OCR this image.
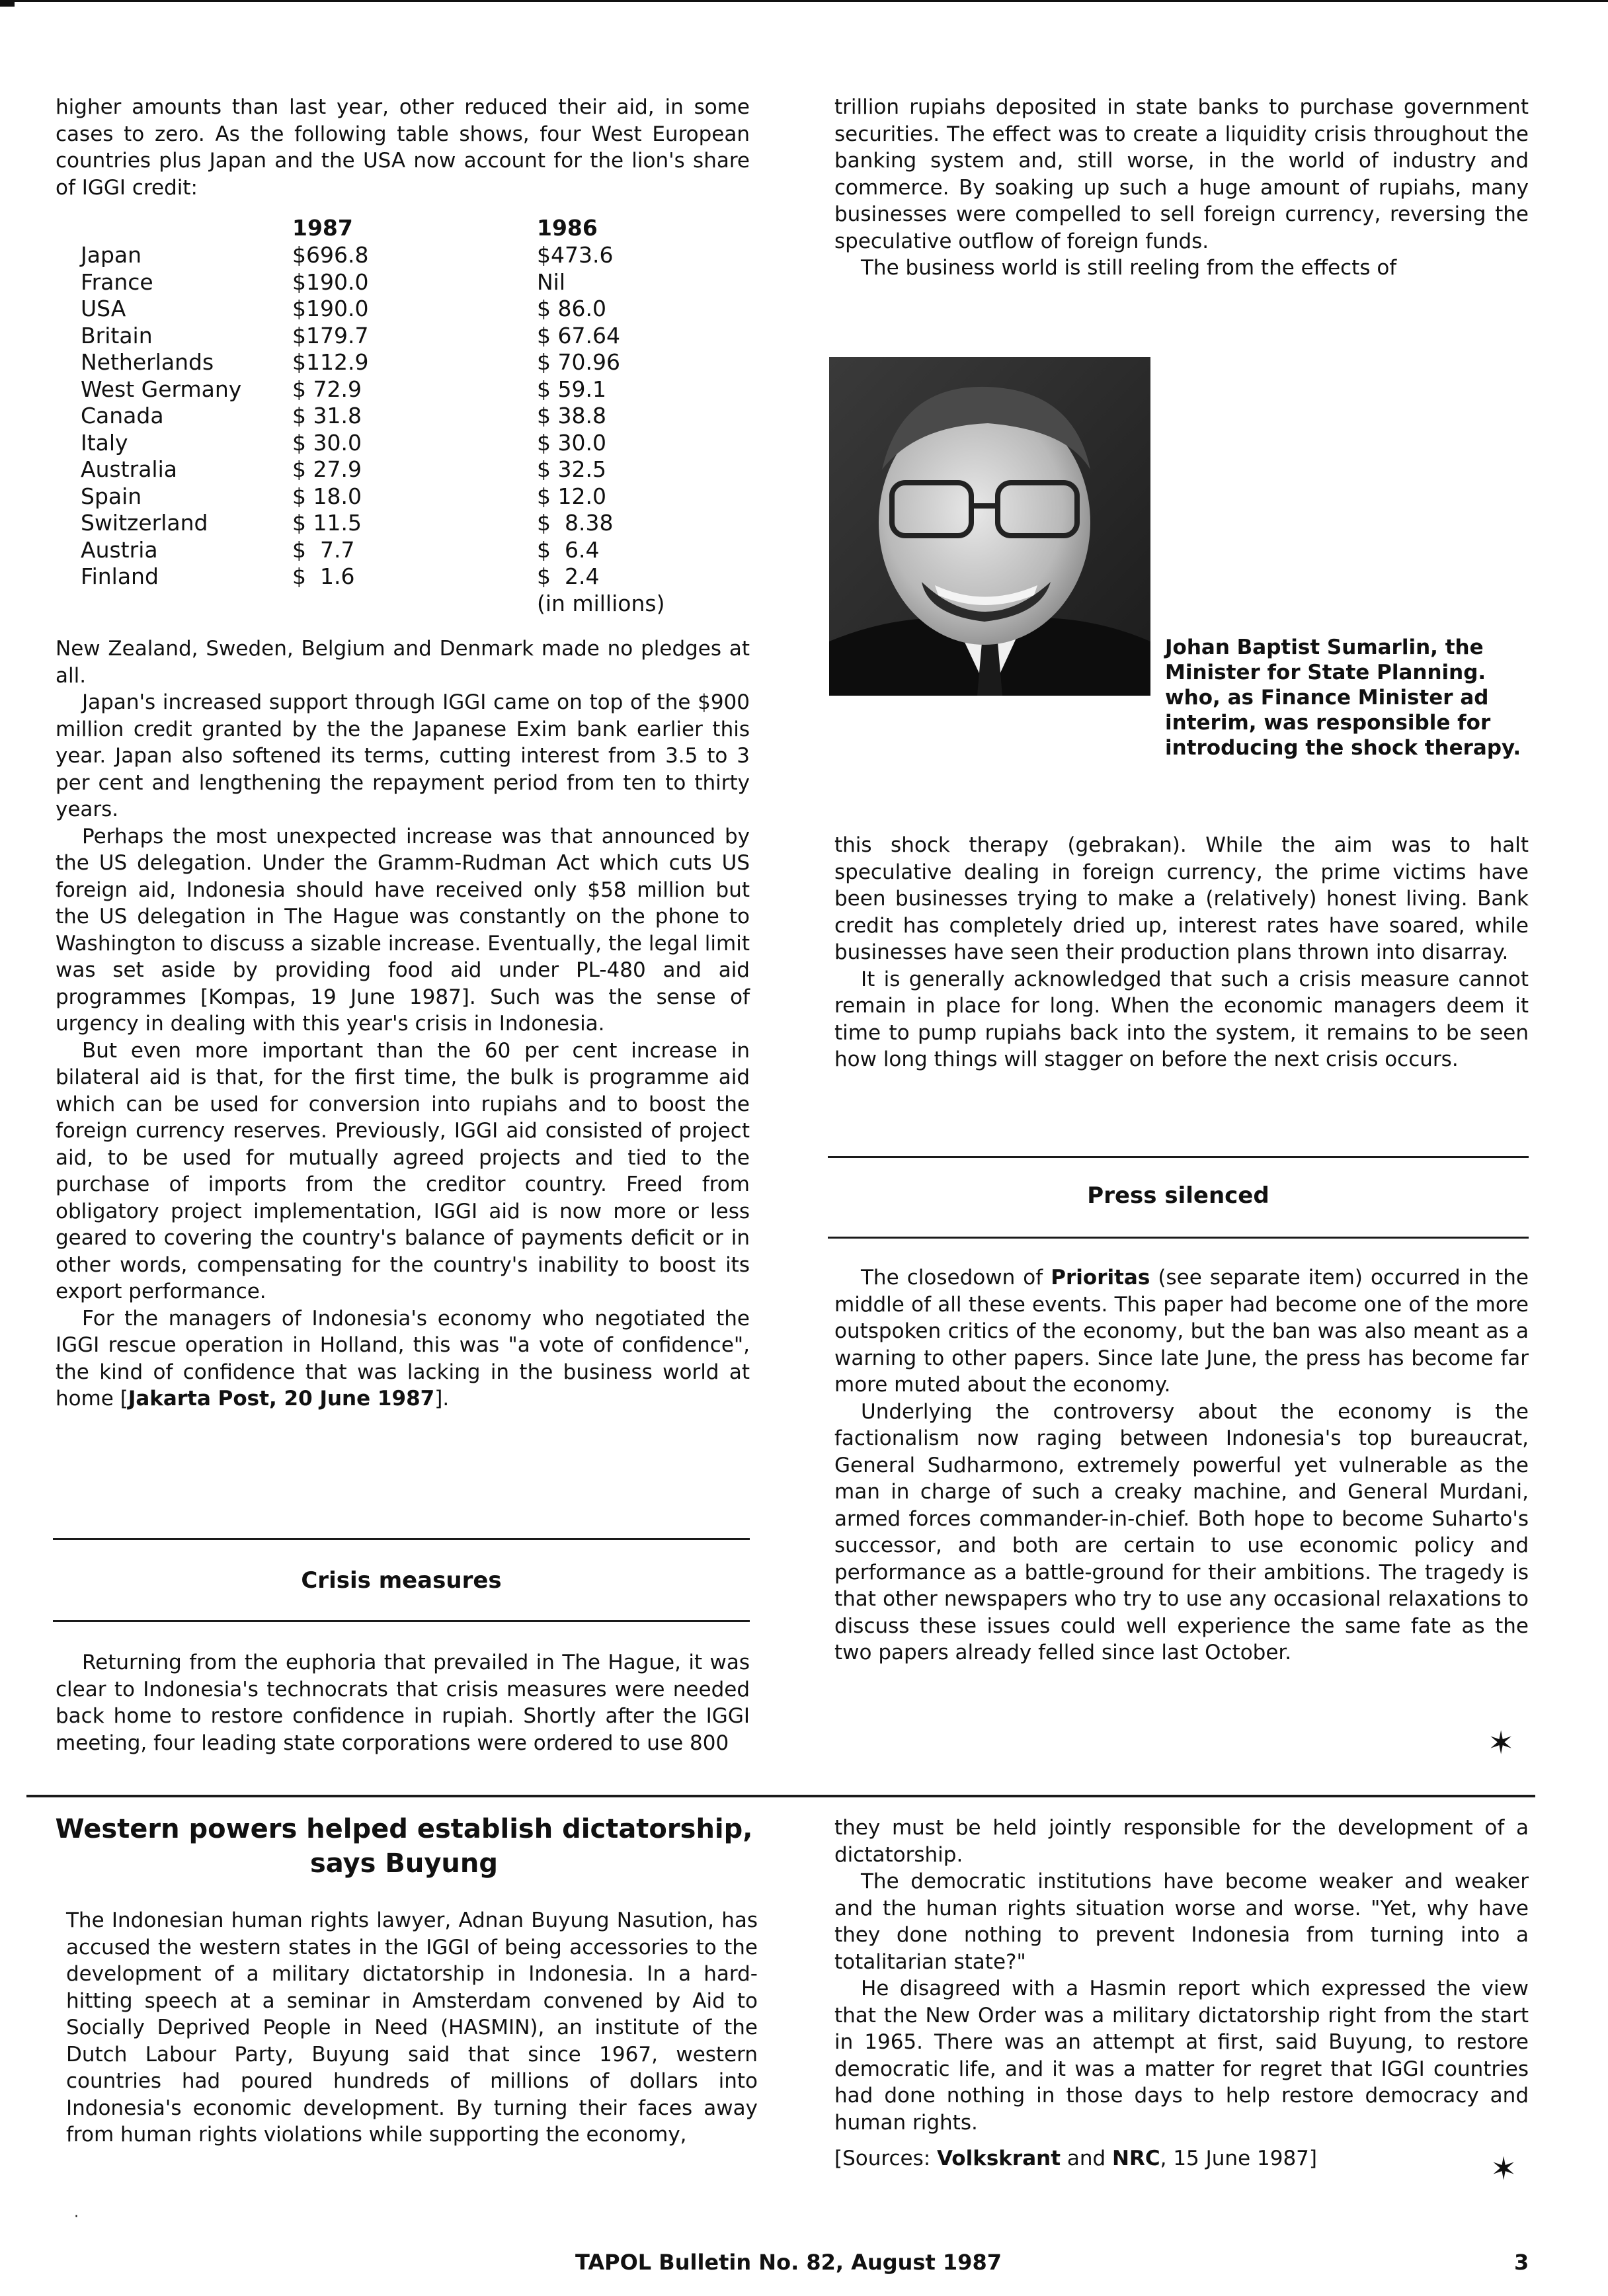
higher amounts than last year, other reduced their aid, in some cases to zero. As the following table shows, four West European countries plus Japan and the USA now account for the lion's share of IGGI credit:

	1987	1986
Japan	$696.8	$473.6
France	$190.0	Nil
USA	$190.0	$ 86.0
Britain	$179.7	$ 67.64
Netherlands	$112.9	$ 70.96
West Germany	$ 72.9	$ 59.1
Canada	$ 31.8	$ 38.8
Italy	$ 30.0	$ 30.0
Australia	$ 27.9	$ 32.5
Spain	$ 18.0	$ 12.0
Switzerland	$ 11.5	$  8.38
Austria	$  7.7	$  6.4
Finland	$  1.6	$  2.4
(in millions)

New Zealand, Sweden, Belgium and Denmark made no pledges at all.

Japan's increased support through IGGI came on top of the $900 million credit granted by the the Japanese Exim bank earlier this year. Japan also softened its terms, cutting interest from 3.5 to 3 per cent and lengthening the repayment period from ten to thirty years.

Perhaps the most unexpected increase was that announced by the US delegation. Under the Gramm-Rudman Act which cuts US foreign aid, Indonesia should have received only $58 million but the US delegation in The Hague was constantly on the phone to Washington to discuss a sizable increase. Eventually, the legal limit was set aside by providing food aid under PL-480 and aid programmes [Kompas, 19 June 1987]. Such was the sense of urgency in dealing with this year's crisis in Indonesia.

But even more important than the 60 per cent increase in bilateral aid is that, for the first time, the bulk is programme aid which can be used for conversion into rupiahs and to boost the foreign currency reserves. Previously, IGGI aid consisted of project aid, to be used for mutually agreed projects and tied to the purchase of imports from the creditor country. Freed from obligatory project implementation, IGGI aid is now more or less geared to covering the country's balance of payments deficit or in other words, compensating for the country's inability to boost its export performance.

For the managers of Indonesia's economy who negotiated the IGGI rescue operation in Holland, this was "a vote of confidence", the kind of confidence that was lacking in the business world at home [Jakarta Post, 20 June 1987].

Crisis measures

Returning from the euphoria that prevailed in The Hague, it was clear to Indonesia's technocrats that crisis measures were needed back home to restore confidence in rupiah. Shortly after the IGGI meeting, four leading state corporations were ordered to use 800

trillion rupiahs deposited in state banks to purchase government securities. The effect was to create a liquidity crisis throughout the banking system and, still worse, in the world of industry and commerce. By soaking up such a huge amount of rupiahs, many businesses were compelled to sell foreign currency, reversing the speculative outflow of foreign funds.

The business world is still reeling from the effects of

Johan Baptist Sumarlin, the Minister for State Planning. who, as Finance Minister ad interim, was responsible for introducing the shock therapy.

this shock therapy (gebrakan). While the aim was to halt speculative dealing in foreign currency, the prime victims have been businesses trying to make a (relatively) honest living. Bank credit has completely dried up, interest rates have soared, while businesses have seen their production plans thrown into disarray.

It is generally acknowledged that such a crisis measure cannot remain in place for long. When the economic managers deem it time to pump rupiahs back into the system, it remains to be seen how long things will stagger on before the next crisis occurs.

Press silenced

The closedown of Prioritas (see separate item) occurred in the middle of all these events. This paper had become one of the more outspoken critics of the economy, but the ban was also meant as a warning to other papers. Since late June, the press has become far more muted about the economy.

Underlying the controversy about the economy is the factionalism now raging between Indonesia's top bureaucrat, General Sudharmono, extremely powerful yet vulnerable as the man in charge of such a creaky machine, and General Murdani, armed forces commander-in-chief. Both hope to become Suharto's successor, and both are certain to use economic policy and performance as a battle-ground for their ambitions. The tragedy is that other newspapers who try to use any occasional relaxations to discuss these issues could well experience the same fate as the two papers already felled since last October.

✶
Western powers helped establish dictatorship, says Buyung

The Indonesian human rights lawyer, Adnan Buyung Nasution, has accused the western states in the IGGI of being accessories to the development of a military dictatorship in Indonesia. In a hard-hitting speech at a seminar in Amsterdam convened by Aid to Socially Deprived People in Need (HASMIN), an institute of the Dutch Labour Party, Buyung said that since 1967, western countries had poured hundreds of millions of dollars into Indonesia's economic development. By turning their faces away from human rights violations while supporting the economy,

they must be held jointly responsible for the development of a dictatorship.

The democratic institutions have become weaker and weaker and the human rights situation worse and worse. "Yet, why have they done nothing to prevent Indonesia from turning into a totalitarian state?"

He disagreed with a Hasmin report which expressed the view that the New Order was a military dictatorship right from the start in 1965. There was an attempt at first, said Buyung, to restore democratic life, and it was a matter for regret that IGGI countries had done nothing in those days to help restore democracy and human rights.

[Sources: Volkskrant and NRC, 15 June 1987]	✶
·
TAPOL Bulletin No. 82, August 1987	3
